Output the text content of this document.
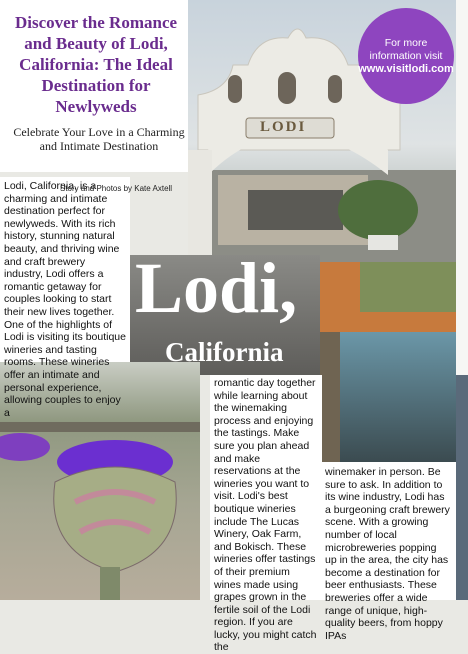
LODI
Discover the Romance and Beauty of Lodi, California: The Ideal Destination for Newlyweds

Celebrate Your Love in a Charming and Intimate Destination

Lodi, California, is a charming and intimate destination perfect for newlyweds. With its rich history, stunning natural beauty, and thriving wine and craft brewery industry, Lodi offers a romantic getaway for couples looking to start their new lives together. One of the highlights of Lodi is visiting its boutique wineries and tasting rooms. These wineries offer an intimate and personal experience, allowing couples to enjoy a

Story and Photos by Kate Axtell

romantic day together while learning about the winemaking process and enjoying the tastings. Make sure you plan ahead and make reservations at the wineries you want to visit. Lodi's best boutique wineries include The Lucas Winery, Oak Farm, and Bokisch. These wineries offer tastings of their premium wines made using grapes grown in the fertile soil of the Lodi region. If you are lucky, you might catch the

winemaker in person. Be sure to ask. In addition to its wine industry, Lodi has a burgeoning craft brewery scene. With a growing number of local microbreweries popping up in the area, the city has become a destination for beer enthusiasts. These breweries offer a wide range of unique, high-quality beers, from hoppy IPAs

Lodi,
California
For more information visit
www.visitlodi.com
